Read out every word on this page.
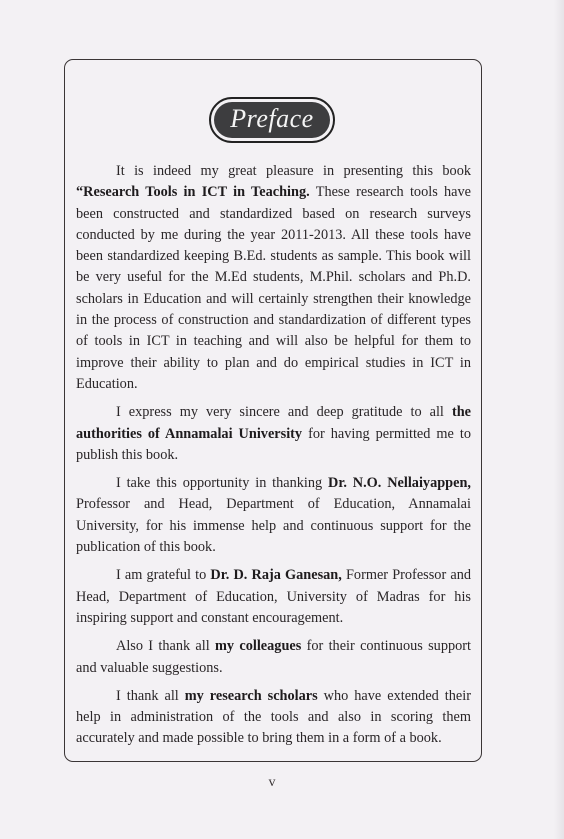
Preface

It is indeed my great pleasure in presenting this book “Research Tools in ICT in Teaching. These research tools have been constructed and standardized based on research surveys conducted by me during the year 2011-2013. All these tools have been standardized keeping B.Ed. students as sample. This book will be very useful for the M.Ed students, M.Phil. scholars and Ph.D. scholars in Education and will certainly strengthen their knowledge in the process of construction and standardization of different types of tools in ICT in teaching and will also be helpful for them to improve their ability to plan and do empirical studies in ICT in Education.

I express my very sincere and deep gratitude to all the authorities of Annamalai University for having permitted me to publish this book.

I take this opportunity in thanking Dr. N.O. Nellaiyappen, Professor and Head, Department of Education, Annamalai University, for his immense help and continuous support for the publication of this book.

I am grateful to Dr. D. Raja Ganesan, Former Professor and Head, Department of Education, University of Madras for his inspiring support and constant encouragement.

Also I thank all my colleagues for their continuous support and valuable suggestions.

I thank all my research scholars who have extended their help in administration of the tools and also in scoring them accurately and made possible to bring them in a form of a book.

v
